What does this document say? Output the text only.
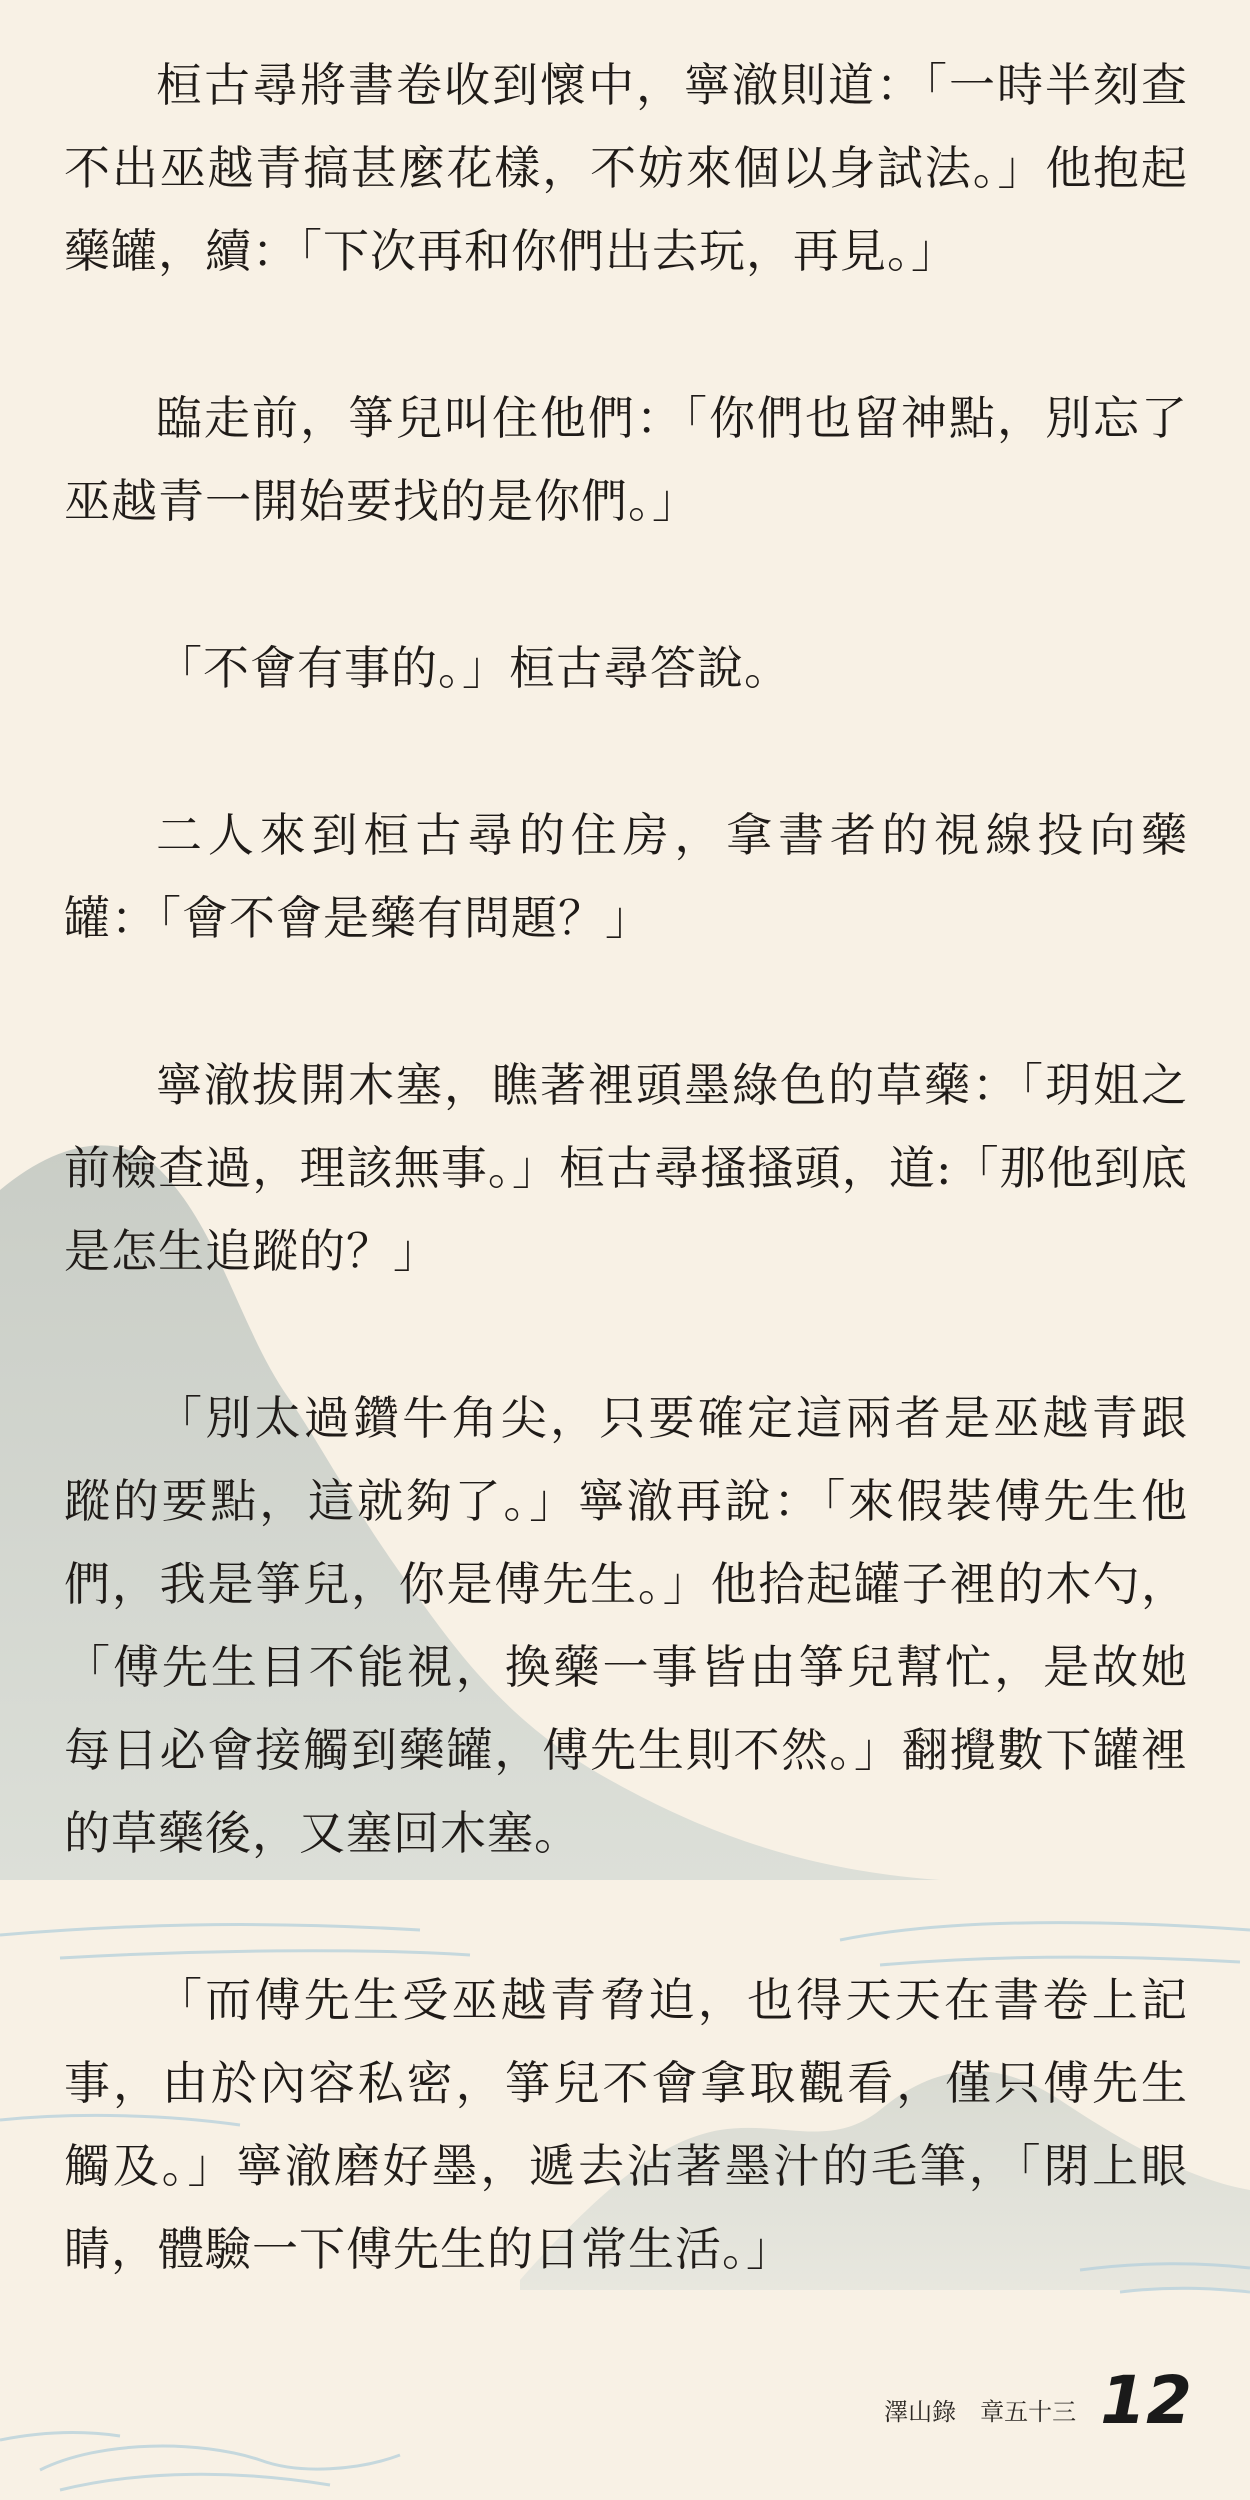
桓古尋將書卷收到懷中，寧澈則道：「一時半刻查不出巫越青搞甚麼花樣，不妨來個以身試法。」他抱起藥罐，續：「下次再和你們出去玩，再見。」

臨走前，箏兒叫住他們：「你們也留神點，別忘了巫越青一開始要找的是你們。」

「不會有事的。」桓古尋答說。

二人來到桓古尋的住房，拿書者的視線投向藥罐：「會不會是藥有問題？」

寧澈拔開木塞，瞧著裡頭墨綠色的草藥：「玥姐之前檢查過，理該無事。」桓古尋搔搔頭，道:「那他到底是怎生追蹤的？」

「別太過鑽牛角尖，只要確定這兩者是巫越青跟蹤的要點，這就夠了。」寧澈再說：「來假裝傅先生他們，我是箏兒，你是傅先生。」他拾起罐子裡的木勺，「傅先生目不能視，換藥一事皆由箏兒幫忙，是故她每日必會接觸到藥罐，傅先生則不然。」翻攪數下罐裡的草藥後，又塞回木塞。

「而傅先生受巫越青脅迫，也得天天在書卷上記事，由於內容私密，箏兒不會拿取觀看，僅只傅先生觸及。」寧澈磨好墨，遞去沾著墨汁的毛筆，「閉上眼睛，體驗一下傅先生的日常生活。」

澤山錄　章五十三 12
